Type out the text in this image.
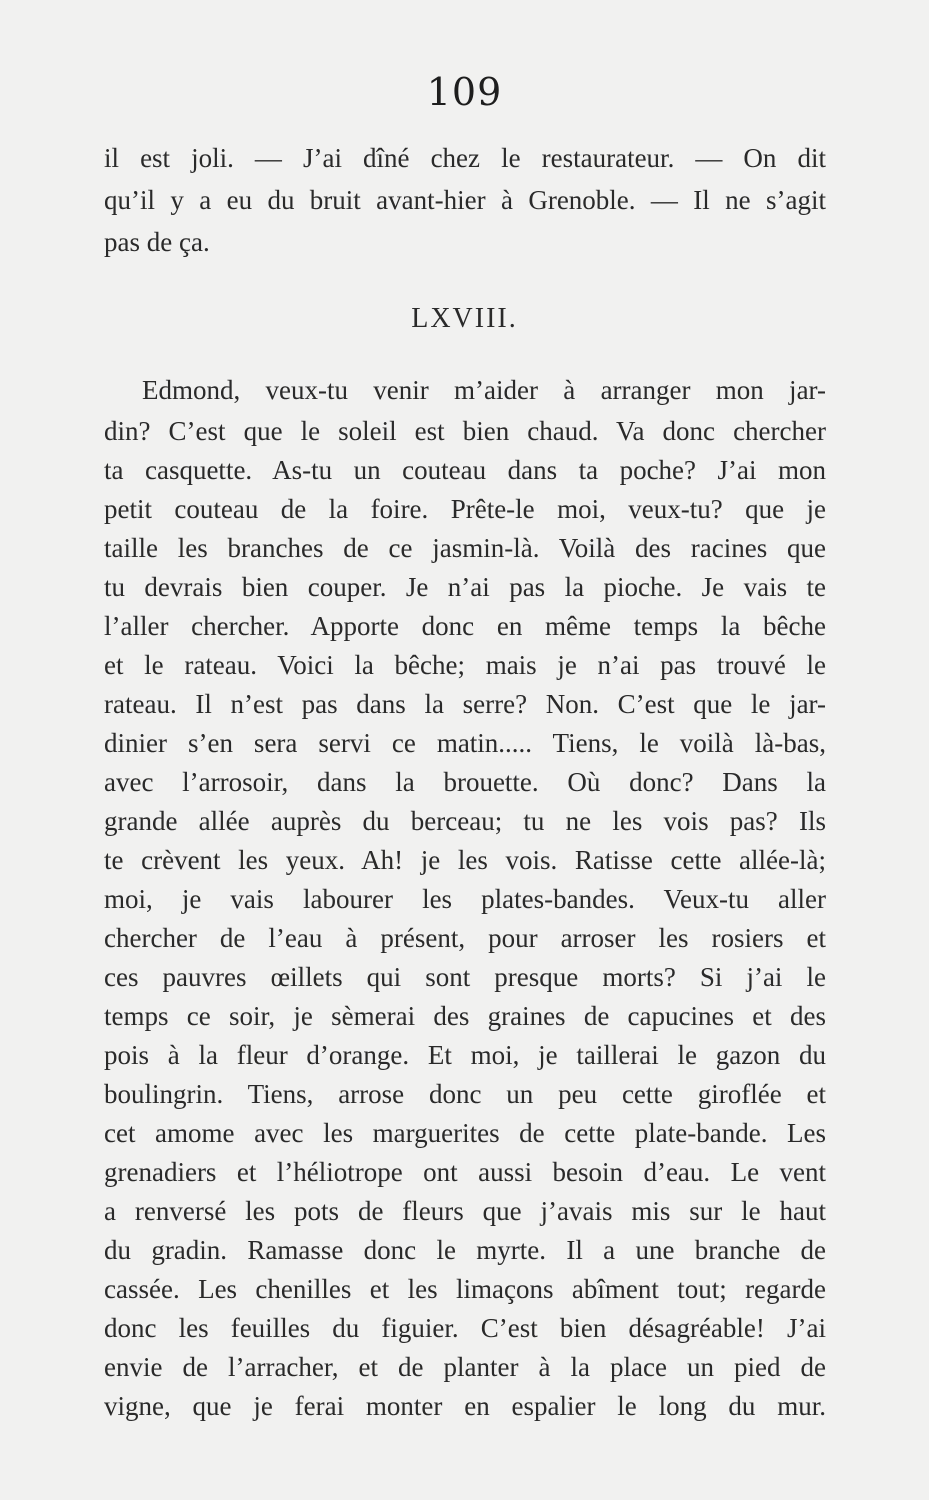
109
il est joli. — J’ai dîné chez le restaurateur. — On dit
qu’il y a eu du bruit avant-hier à Grenoble. — Il ne s’agit
pas de ça.
LXVIII.
Edmond, veux-tu venir m’aider à arranger mon jar-
din? C’est que le soleil est bien chaud. Va donc chercher
ta casquette. As-tu un couteau dans ta poche? J’ai mon
petit couteau de la foire. Prête-le moi, veux-tu? que je
taille les branches de ce jasmin-là. Voilà des racines que
tu devrais bien couper. Je n’ai pas la pioche. Je vais te
l’aller chercher. Apporte donc en même temps la bêche
et le rateau. Voici la bêche; mais je n’ai pas trouvé le
rateau. Il n’est pas dans la serre? Non. C’est que le jar-
dinier s’en sera servi ce matin..... Tiens, le voilà là-bas,
avec l’arrosoir, dans la brouette. Où donc? Dans la
grande allée auprès du berceau; tu ne les vois pas? Ils
te crèvent les yeux. Ah! je les vois. Ratisse cette allée-là;
moi, je vais labourer les plates-bandes. Veux-tu aller
chercher de l’eau à présent, pour arroser les rosiers et
ces pauvres œillets qui sont presque morts? Si j’ai le
temps ce soir, je sèmerai des graines de capucines et des
pois à la fleur d’orange. Et moi, je taillerai le gazon du
boulingrin. Tiens, arrose donc un peu cette giroflée et
cet amome avec les marguerites de cette plate-bande. Les
grenadiers et l’héliotrope ont aussi besoin d’eau. Le vent
a renversé les pots de fleurs que j’avais mis sur le haut
du gradin. Ramasse donc le myrte. Il a une branche de
cassée. Les chenilles et les limaçons abîment tout; regarde
donc les feuilles du figuier. C’est bien désagréable! J’ai
envie de l’arracher, et de planter à la place un pied de
vigne, que je ferai monter en espalier le long du mur.
